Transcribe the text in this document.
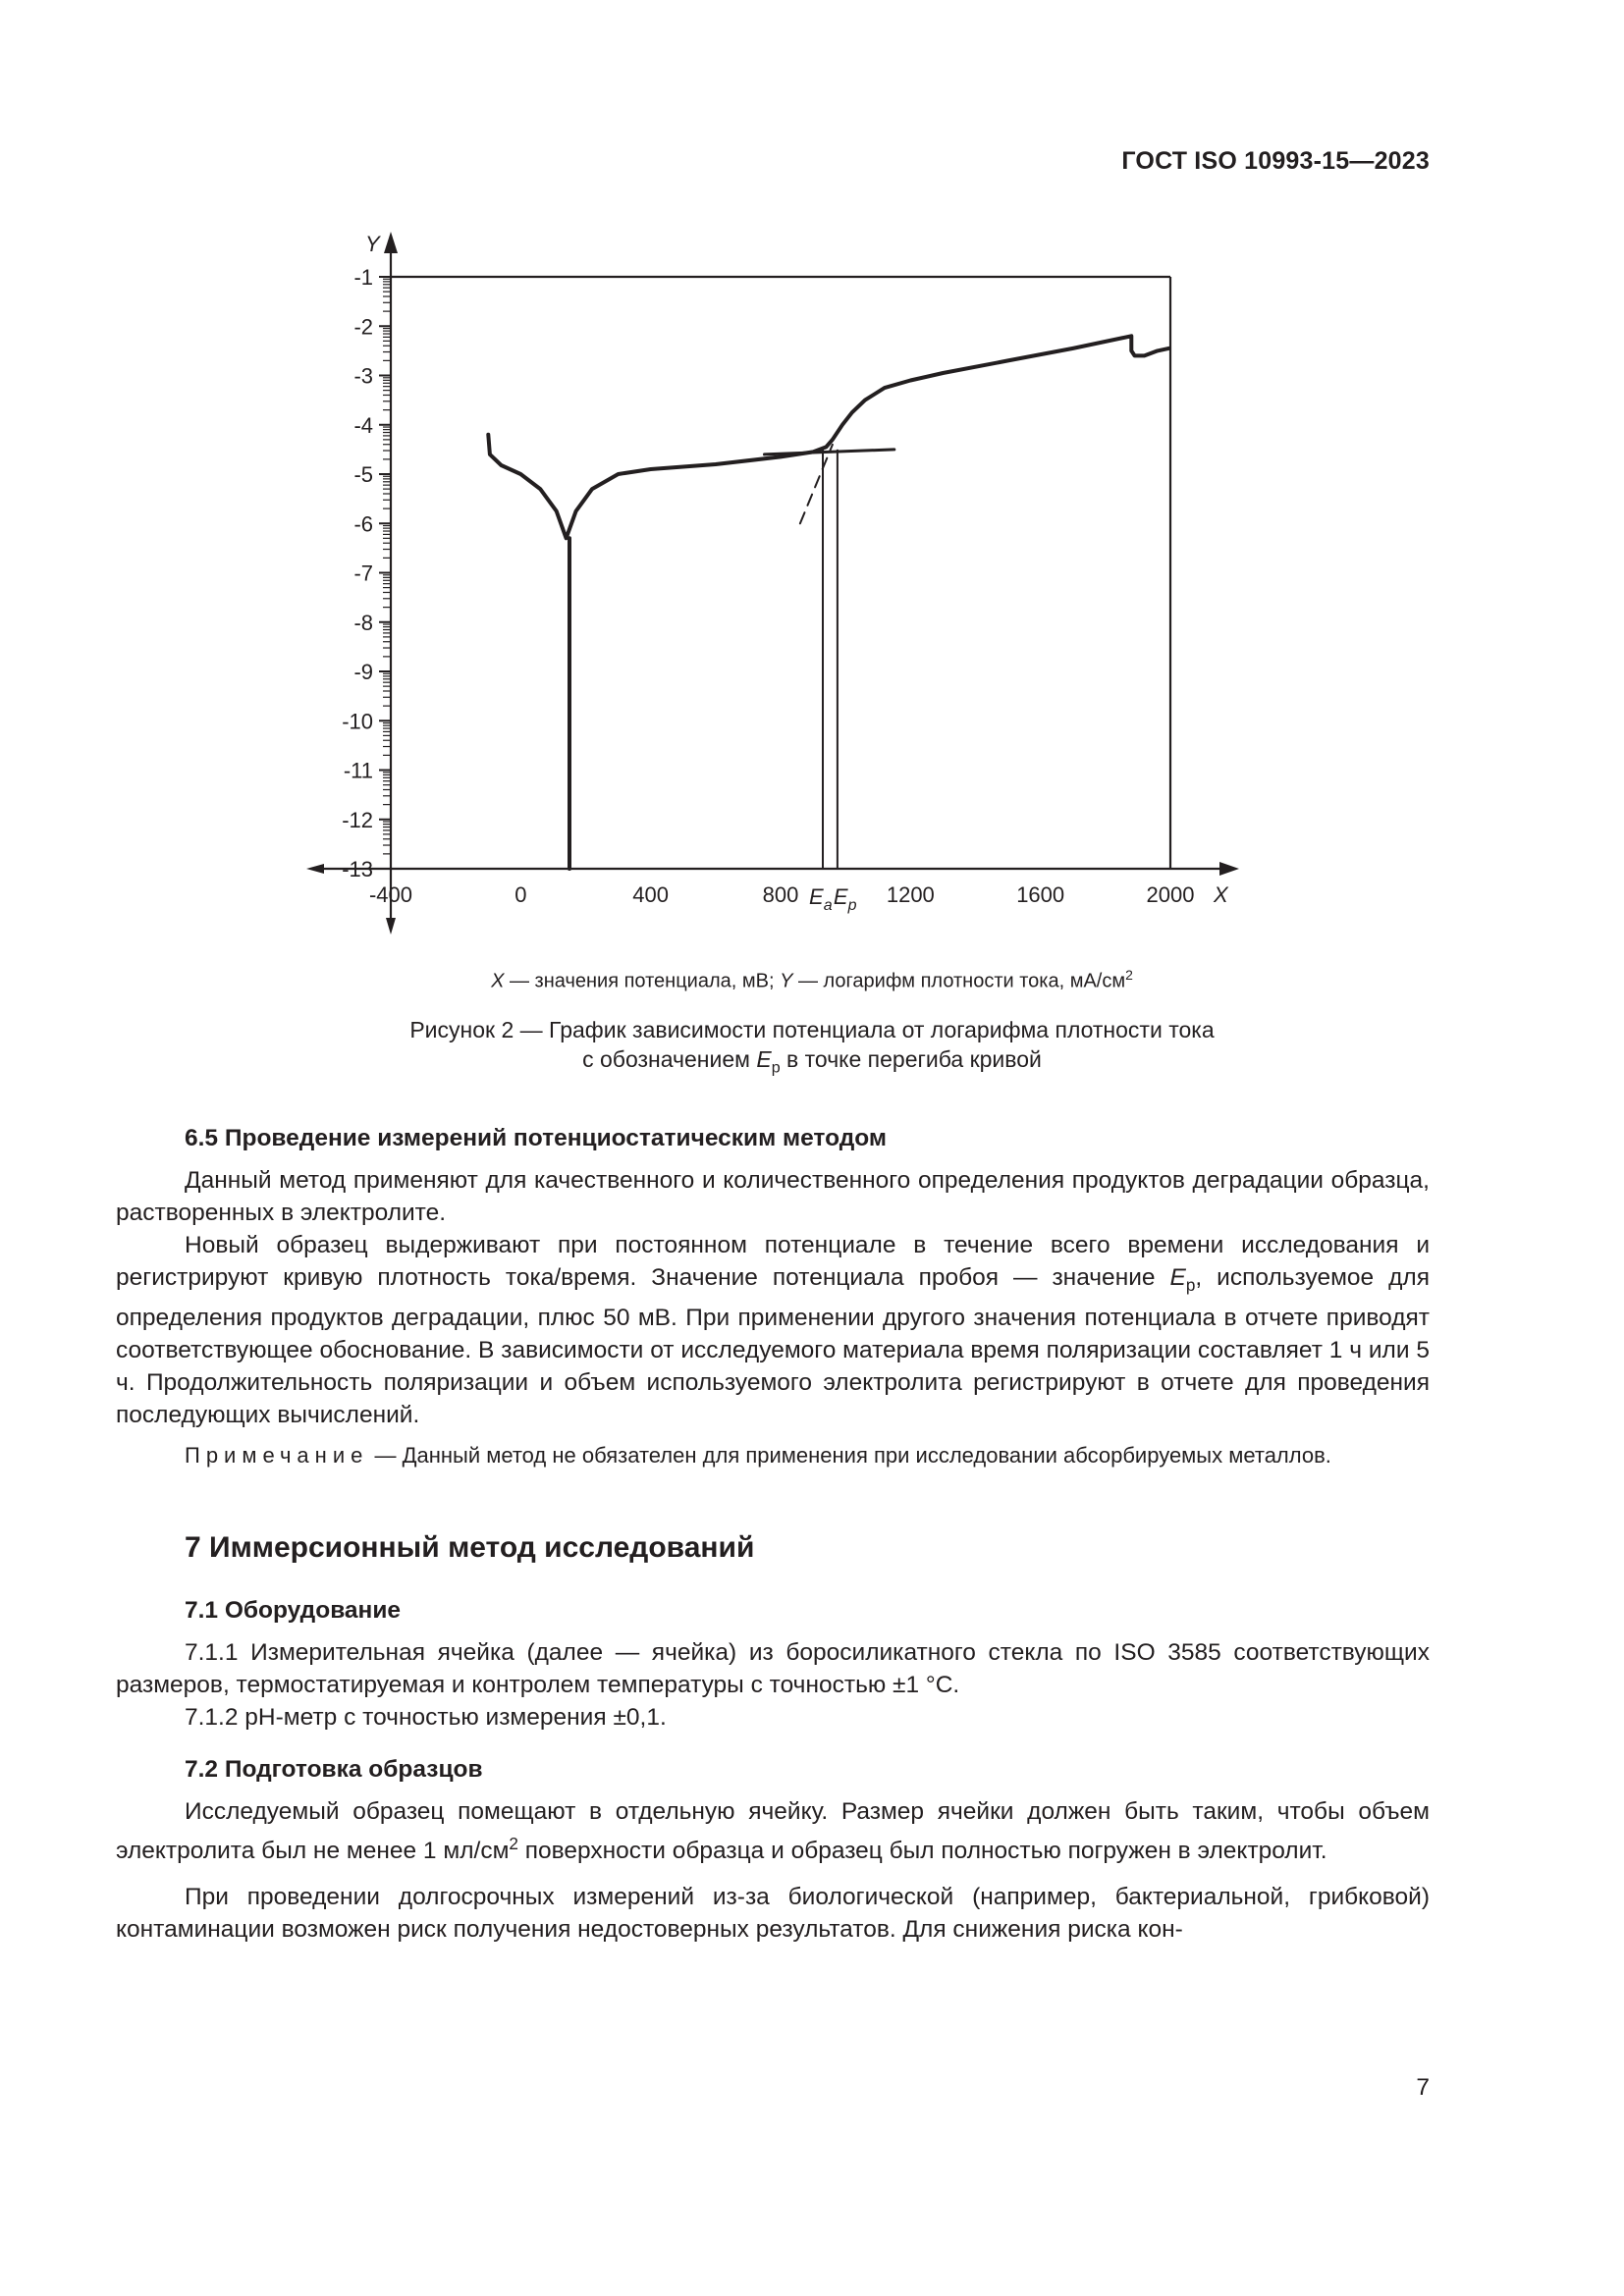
ГОСТ ISO 10993-15—2023
-1
-2
-3
-4
-5
-6
-7
-8
-9
-10
-11
-12
-13
-400	0	400	800	1200	1600	2000 X
Y
$E_a$ $E_p$
X — значения потенциала, мВ; Y — логарифм плотности тока, $мА/см^2$
Рисунок 2 — График зависимости потенциала от логарифма плотности тока
с обозначением $E_p$ в точке перегиба кривой
6.5 Проведение измерений потенциостатическим методом

Данный метод применяют для качественного и количественного определения продуктов деградации образца, растворенных в электролите.

Новый образец выдерживают при постоянном потенциале в течение всего времени исследования и регистрируют кривую плотность тока/время. Значение потенциала пробоя — значение $E_p$, используемое для определения продуктов деградации, плюс 50 мВ. При применении другого значения потенциала в отчете приводят соответствующее обоснование. В зависимости от исследуемого материала время поляризации составляет 1 ч или 5 ч. Продолжительность поляризации и объем используемого электролита регистрируют в отчете для проведения последующих вычислений.

Примечание — Данный метод не обязателен для применения при исследовании абсорбируемых металлов.

7 Иммерсионный метод исследований
7.1 Оборудование

7.1.1 Измерительная ячейка (далее — ячейка) из боросиликатного стекла по ISO 3585 соответствующих размеров, термостатируемая и контролем температуры с точностью ±1 °С.

7.1.2 рН-метр с точностью измерения ±0,1.

7.2 Подготовка образцов

Исследуемый образец помещают в отдельную ячейку. Размер ячейки должен быть таким, чтобы объем электролита был не менее 1 $мл/см^2$ поверхности образца и образец был полностью погружен в электролит.

При проведении долгосрочных измерений из-за биологической (например, бактериальной, грибковой) контаминации возможен риск получения недостоверных результатов. Для снижения риска кон-

7
